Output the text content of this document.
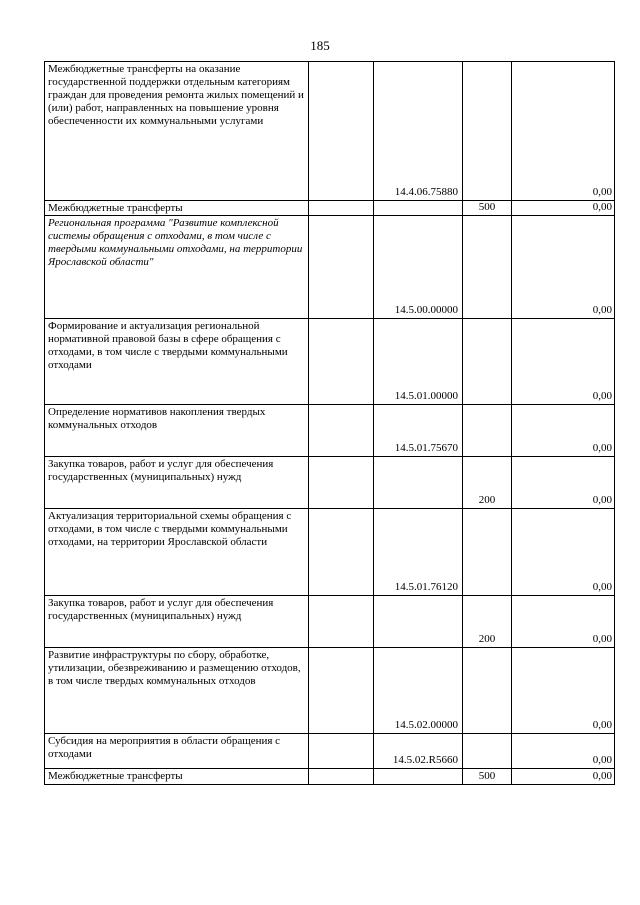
185
Межбюджетные трансферты на оказание государственной поддержки отдельным категориям граждан для проведения ремонта жилых помещений и (или) работ, направленных на повышение уровня обеспеченности их коммунальными услугами		14.4.06.75880		0,00

Межбюджетные трансферты			500	0,00

Региональная программа "Развитие комплексной системы обращения с отходами, в том числе с твердыми коммунальными отходами, на территории Ярославской области"		14.5.00.00000		0,00

Формирование и актуализация региональной нормативной правовой базы в сфере обращения с отходами, в том числе с твердыми коммунальными отходами		14.5.01.00000		0,00

Определение нормативов накопления твердых коммунальных отходов		14.5.01.75670		0,00

Закупка товаров, работ и услуг для обеспечения государственных (муниципальных) нужд			200	0,00

Актуализация территориальной схемы обращения с отходами, в том числе с твердыми коммунальными отходами, на территории Ярославской области		14.5.01.76120		0,00

Закупка товаров, работ и услуг для обеспечения государственных (муниципальных) нужд			200	0,00

Развитие инфраструктуры по сбору, обработке, утилизации, обезвреживанию и размещению отходов, в том числе твердых коммунальных отходов		14.5.02.00000		0,00

Субсидия на мероприятия в области обращения с отходами		14.5.02.R5660		0,00

Межбюджетные трансферты			500	0,00
